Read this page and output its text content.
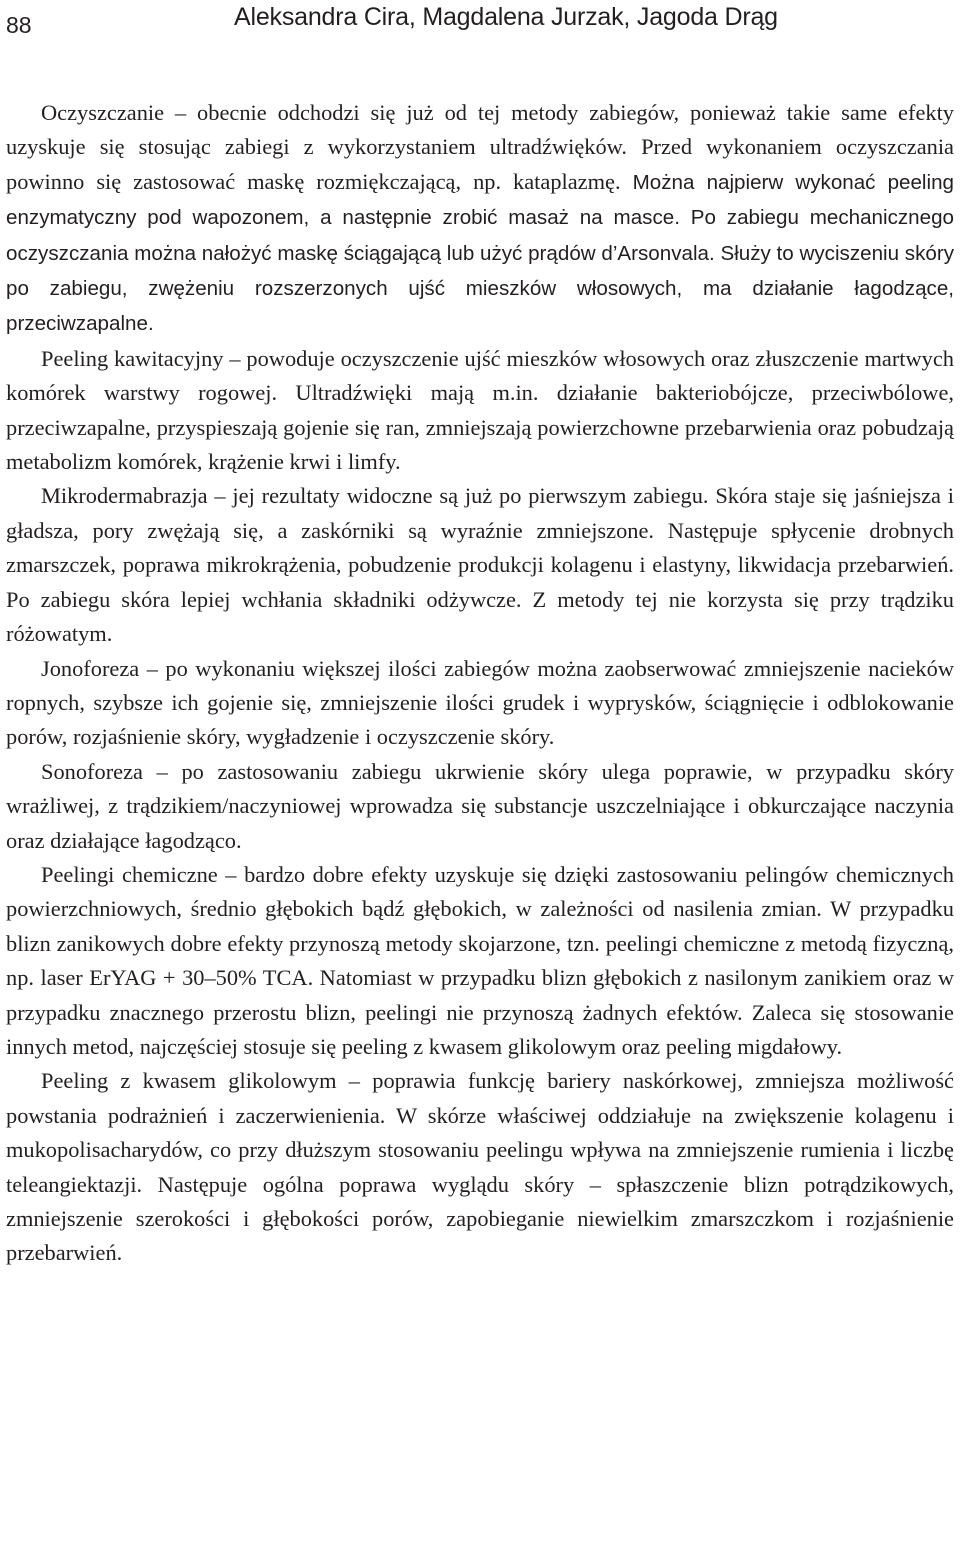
88	Aleksandra Cira, Magdalena Jurzak, Jagoda Drąg

Oczyszczanie – obecnie odchodzi się już od tej metody zabiegów, ponieważ takie same efekty uzyskuje się stosując zabiegi z wykorzystaniem ultradźwięków. Przed wykonaniem oczyszczania powinno się zastosować maskę rozmiękczającą, np. kataplazmę. Można najpierw wykonać peeling enzymatyczny pod wapozonem, a następnie zrobić masaż na masce. Po zabiegu mechanicznego oczyszczania można nałożyć maskę ściągającą lub użyć prądów d’Arsonvala. Służy to wyciszeniu skóry po zabiegu, zwężeniu rozszerzonych ujść mieszków włosowych, ma działanie łagodzące, przeciwzapalne.

Peeling kawitacyjny – powoduje oczyszczenie ujść mieszków włosowych oraz złuszczenie martwych komórek warstwy rogowej. Ultradźwięki mają m.in. działanie bakteriobójcze, przeciwbólowe, przeciwzapalne, przyspieszają gojenie się ran, zmniejszają powierzchowne przebarwienia oraz pobudzają metabolizm komórek, krążenie krwi i limfy.

Mikrodermabrazja – jej rezultaty widoczne są już po pierwszym zabiegu. Skóra staje się jaśniejsza i gładsza, pory zwężają się, a zaskórniki są wyraźnie zmniejszone. Następuje spłycenie drobnych zmarszczek, poprawa mikrokrążenia, pobudzenie produkcji kolagenu i elastyny, likwidacja przebarwień. Po zabiegu skóra lepiej wchłania składniki odżywcze. Z metody tej nie korzysta się przy trądziku różowatym.

Jonoforeza – po wykonaniu większej ilości zabiegów można zaobserwować zmniejszenie nacieków ropnych, szybsze ich gojenie się, zmniejszenie ilości grudek i wyprysków, ściągnięcie i odblokowanie porów, rozjaśnienie skóry, wygładzenie i oczyszczenie skóry.

Sonoforeza – po zastosowaniu zabiegu ukrwienie skóry ulega poprawie, w przypadku skóry wrażliwej, z trądzikiem/naczyniowej wprowadza się substancje uszczelniające i obkurczające naczynia oraz działające łagodząco.

Peelingi chemiczne – bardzo dobre efekty uzyskuje się dzięki zastosowaniu pelingów chemicznych powierzchniowych, średnio głębokich bądź głębokich, w zależności od nasilenia zmian. W przypadku blizn zanikowych dobre efekty przynoszą metody skojarzone, tzn. peelingi chemiczne z metodą fizyczną, np. laser ErYAG + 30–50% TCA. Natomiast w przypadku blizn głębokich z nasilonym zanikiem oraz w przypadku znacznego przerostu blizn, peelingi nie przynoszą żadnych efektów. Zaleca się stosowanie innych metod, najczęściej stosuje się peeling z kwasem glikolowym oraz peeling migdałowy.

Peeling z kwasem glikolowym – poprawia funkcję bariery naskórkowej, zmniejsza możliwość powstania podrażnień i zaczerwienienia. W skórze właściwej oddziałuje na zwiększenie kolagenu i mukopolisacharydów, co przy dłuższym stosowaniu peelingu wpływa na zmniejszenie rumienia i liczbę teleangiektazji. Następuje ogólna poprawa wyglądu skóry – spłaszczenie blizn potrądzikowych, zmniejszenie szerokości i głębokości porów, zapobieganie niewielkim zmarszczkom i rozjaśnienie przebarwień.
